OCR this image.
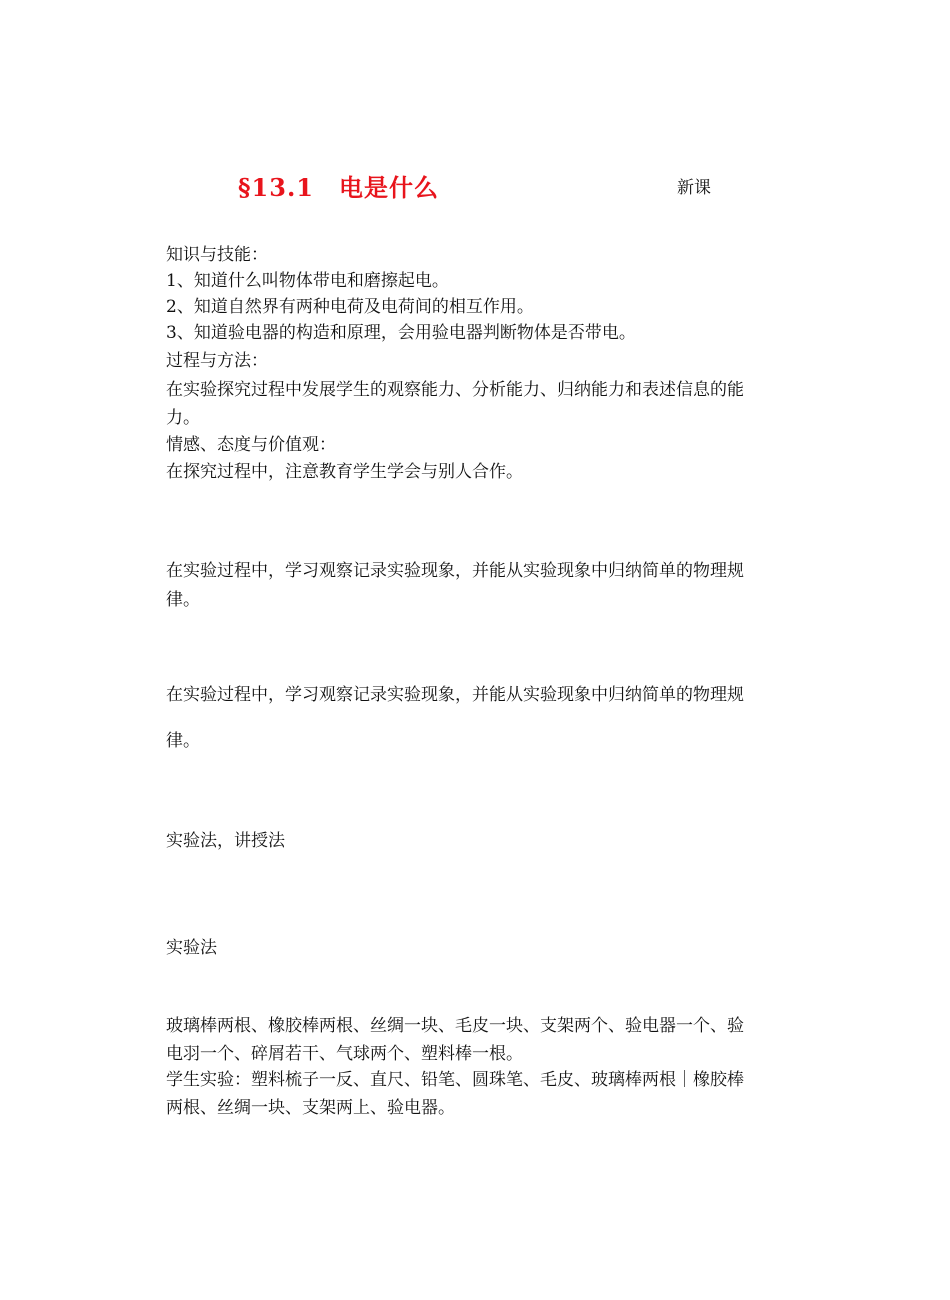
§13.1　电是什么	新课
知识与技能：
1、知道什么叫物体带电和磨擦起电。
2、知道自然界有两种电荷及电荷间的相互作用。
3、知道验电器的构造和原理，会用验电器判断物体是否带电。
过程与方法：
在实验探究过程中发展学生的观察能力、分析能力、归纳能力和表述信息的能
力。
情感、态度与价值观：
在探究过程中，注意教育学生学会与别人合作。
在实验过程中，学习观察记录实验现象，并能从实验现象中归纳简单的物理规
律。
在实验过程中，学习观察记录实验现象，并能从实验现象中归纳简单的物理规
律。
实验法，讲授法
实验法
玻璃棒两根、橡胶棒两根、丝绸一块、毛皮一块、支架两个、验电器一个、验
电羽一个、碎屑若干、气球两个、塑料棒一根。
学生实验：塑料梳子一反、直尺、铅笔、圆珠笔、毛皮、玻璃棒两根｜橡胶棒
两根、丝绸一块、支架两上、验电器。
